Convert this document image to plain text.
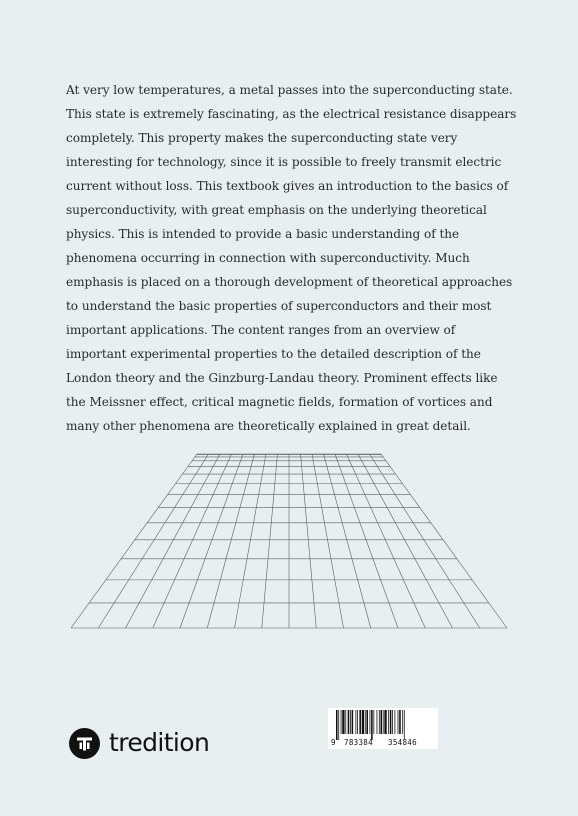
At very low temperatures, a metal passes into the superconducting state. This state is extremely fascinating, as the electrical resistance disappears completely. This property makes the superconducting state very interesting for technology, since it is possible to freely transmit electric current without loss. This textbook gives an introduction to the basics of superconductivity, with great emphasis on the underlying theoretical physics. This is intended to provide a basic understanding of the phenomena occurring in connection with superconductivity. Much emphasis is placed on a thorough development of theoretical approaches to understand the basic properties of superconductors and their most important applications. The content ranges from an overview of important experimental properties to the detailed description of the London theory and the Ginzburg-Landau theory. Prominent effects like the Meissner effect, critical magnetic fields, formation of vortices and many other phenomena are theoretically explained in great detail.

tredition	9 783384 354846
